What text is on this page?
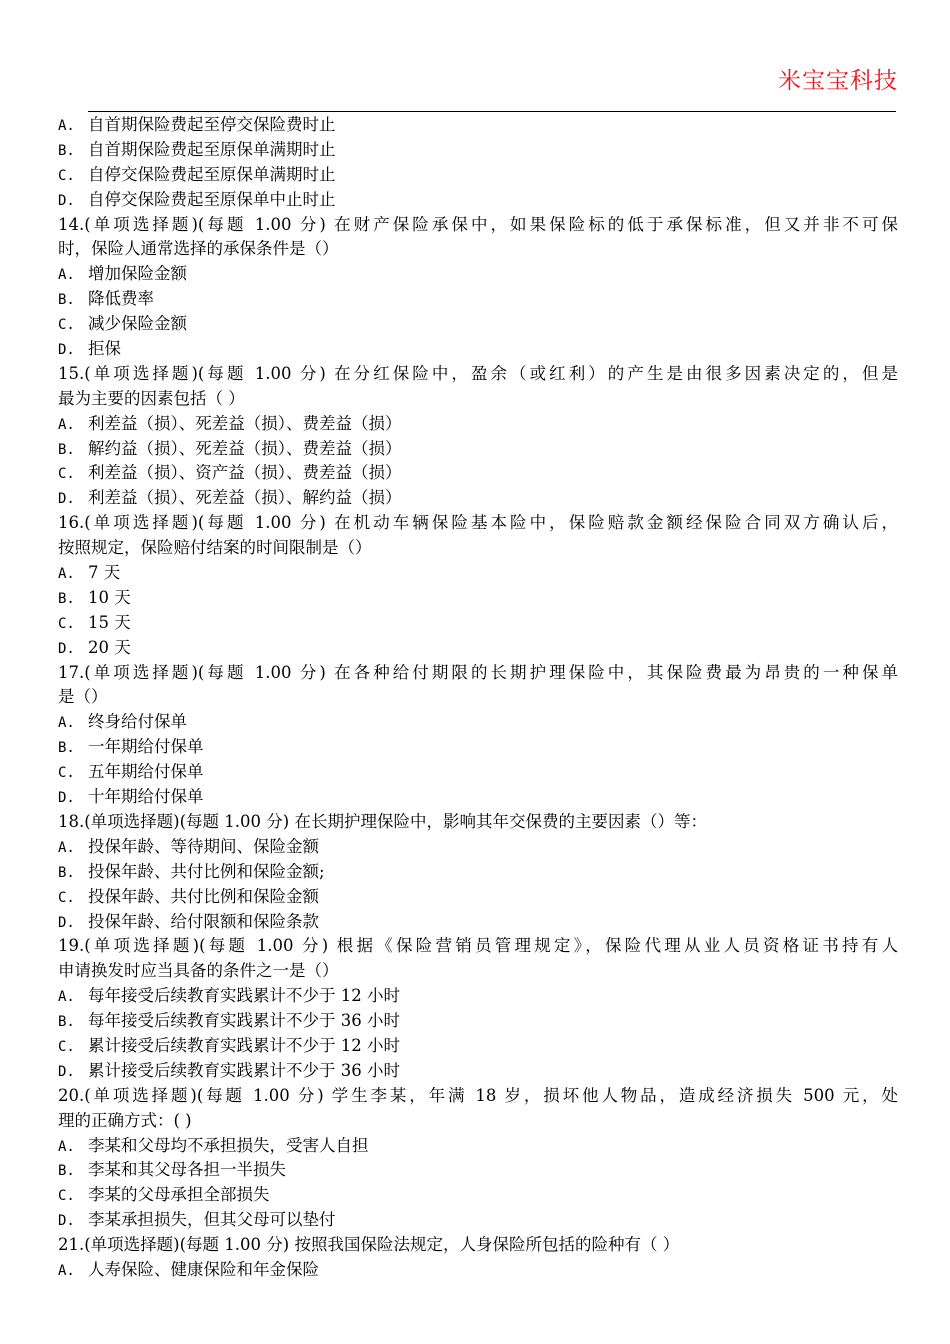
米宝宝科技
A. 自首期保险费起至停交保险费时止
B. 自首期保险费起至原保单满期时止
C. 自停交保险费起至原保单满期时止
D. 自停交保险费起至原保单中止时止
14.(单项选择题)(每题 1.00 分) 在财产保险承保中，如果保险标的低于承保标准，但又并非不可保
时，保险人通常选择的承保条件是（）
A. 增加保险金额
B. 降低费率
C. 减少保险金额
D. 拒保
15.(单项选择题)(每题 1.00 分) 在分红保险中，盈余（或红利）的产生是由很多因素决定的，但是
最为主要的因素包括（ ）
A. 利差益（损）、死差益（损）、费差益（损）
B. 解约益（损）、死差益（损）、费差益（损）
C. 利差益（损）、资产益（损）、费差益（损）
D. 利差益（损）、死差益（损）、解约益（损）
16.(单项选择题)(每题 1.00 分) 在机动车辆保险基本险中，保险赔款金额经保险合同双方确认后，
按照规定，保险赔付结案的时间限制是（）
A. 7 天
B. 10 天
C. 15 天
D. 20 天
17.(单项选择题)(每题 1.00 分) 在各种给付期限的长期护理保险中，其保险费最为昂贵的一种保单
是（）
A. 终身给付保单
B. 一年期给付保单
C. 五年期给付保单
D. 十年期给付保单
18.(单项选择题)(每题 1.00 分) 在长期护理保险中，影响其年交保费的主要因素（）等：
A. 投保年龄、等待期间、保险金额
B. 投保年龄、共付比例和保险金额;
C. 投保年龄、共付比例和保险金额
D. 投保年龄、给付限额和保险条款
19.(单项选择题)(每题 1.00 分) 根据《保险营销员管理规定》，保险代理从业人员资格证书持有人
申请换发时应当具备的条件之一是（）
A. 每年接受后续教育实践累计不少于 12 小时
B. 每年接受后续教育实践累计不少于 36 小时
C. 累计接受后续教育实践累计不少于 12 小时
D. 累计接受后续教育实践累计不少于 36 小时
20.(单项选择题)(每题 1.00 分) 学生李某，年满 18 岁，损坏他人物品，造成经济损失 500 元，处
理的正确方式：( )
A. 李某和父母均不承担损失，受害人自担
B. 李某和其父母各担一半损失
C. 李某的父母承担全部损失
D. 李某承担损失，但其父母可以垫付
21.(单项选择题)(每题 1.00 分) 按照我国保险法规定，人身保险所包括的险种有（ ）
A. 人寿保险、健康保险和年金保险
